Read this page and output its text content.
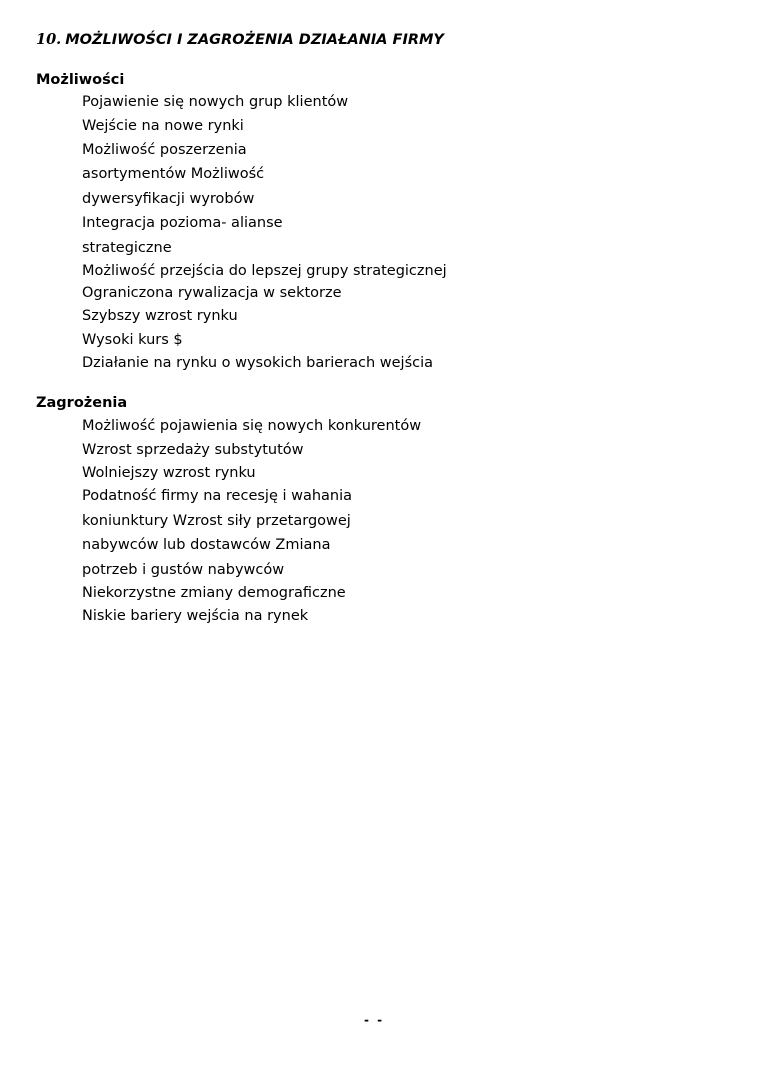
10. MOŻLIWOŚCI I ZAGROŻENIA DZIAŁANIA FIRMY
Możliwości
Pojawienie się nowych grup klientów
Wejście na nowe rynki
Możliwość poszerzenia
asortymentów Możliwość
dywersyfikacji wyrobów
Integracja pozioma- alianse
strategiczne
Możliwość przejścia do lepszej grupy strategicznej
Ograniczona rywalizacja w sektorze
Szybszy wzrost rynku
Wysoki kurs $
Działanie na rynku o wysokich barierach wejścia
Zagrożenia
Możliwość pojawienia się nowych konkurentów
Wzrost sprzedaży substytutów
Wolniejszy wzrost rynku
Podatność firmy na recesję i wahania
koniunktury Wzrost siły przetargowej
nabywców lub dostawców Zmiana
potrzeb i gustów nabywców
Niekorzystne zmiany demograficzne
Niskie bariery wejścia na rynek
- -
